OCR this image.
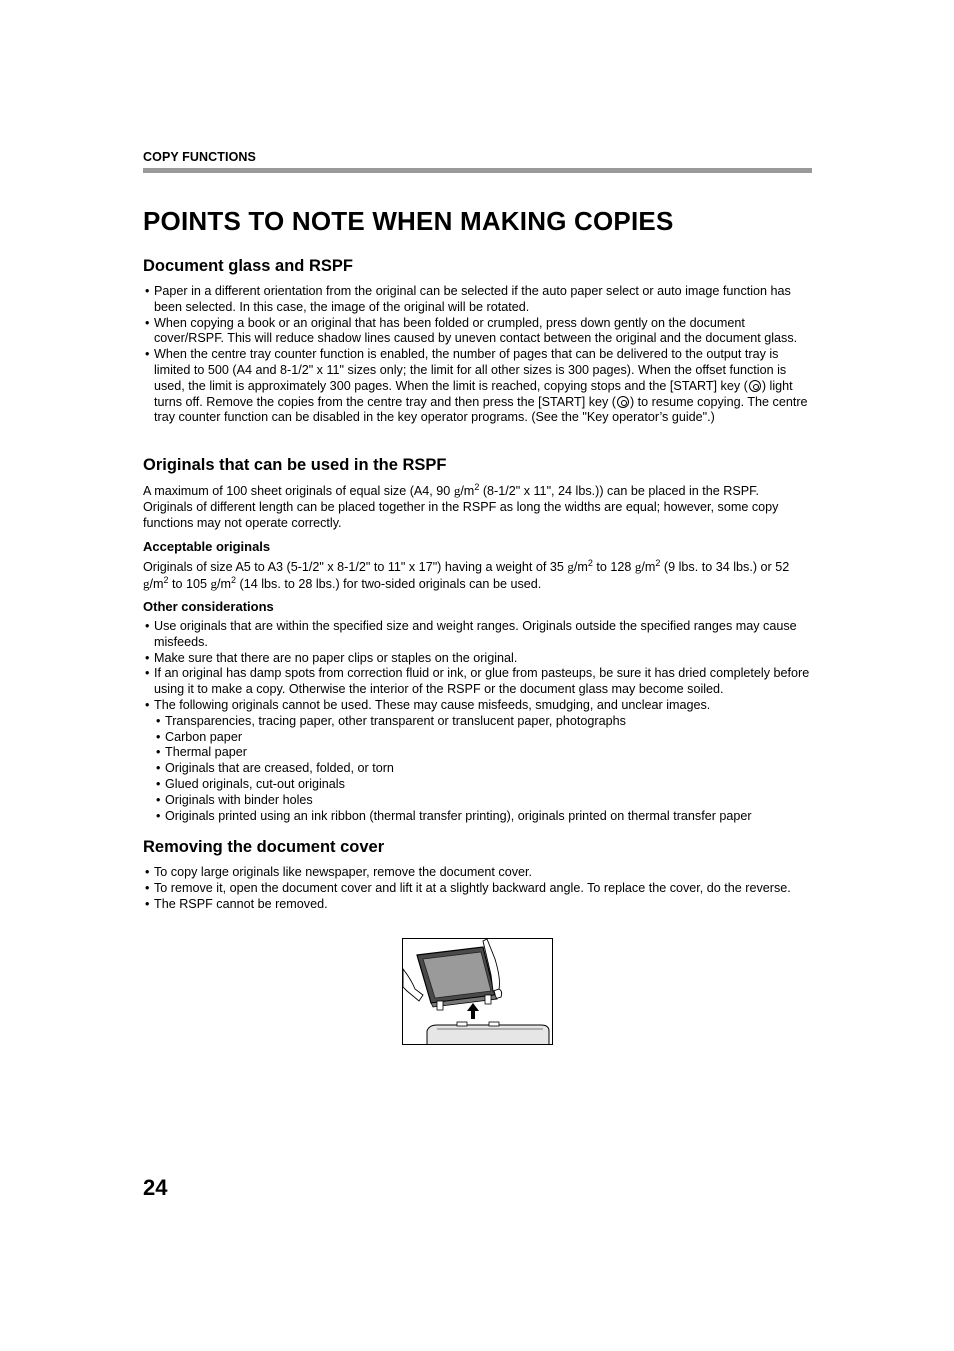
COPY FUNCTIONS
POINTS TO NOTE WHEN MAKING COPIES
Document glass and RSPF
• Paper in a different orientation from the original can be selected if the auto paper select or auto image function has been selected. In this case, the image of the original will be rotated.
• When copying a book or an original that has been folded or crumpled, press down gently on the document cover/RSPF. This will reduce shadow lines caused by uneven contact between the original and the document glass.
• When the centre tray counter function is enabled, the number of pages that can be delivered to the output tray is limited to 500 (A4 and 8-1/2" x 11" sizes only; the limit for all other sizes is 300 pages). When the offset function is used, the limit is approximately 300 pages. When the limit is reached, copying stops and the [START] key ( ) light turns off. Remove the copies from the centre tray and then press the [START] key ( ) to resume copying. The centre tray counter function can be disabled in the key operator programs. (See the "Key operator’s guide".)
Originals that can be used in the RSPF

A maximum of 100 sheet originals of equal size (A4, 90 $g/m^2$ (8-1/2" x 11", 24 lbs.)) can be placed in the RSPF. Originals of different length can be placed together in the RSPF as long the widths are equal; however, some copy functions may not operate correctly.

Acceptable originals

Originals of size A5 to A3 (5-1/2" x 8-1/2" to 11" x 17") having a weight of 35 $g/m^2$ to 128 $g/m^2$ (9 lbs. to 34 lbs.) or 52 $g/m^2$ to 105 $g/m^2$ (14 lbs. to 28 lbs.) for two-sided originals can be used.

Other considerations
• Use originals that are within the specified size and weight ranges. Originals outside the specified ranges may cause misfeeds.
• Make sure that there are no paper clips or staples on the original.
• If an original has damp spots from correction fluid or ink, or glue from pasteups, be sure it has dried completely before using it to make a copy. Otherwise the interior of the RSPF or the document glass may become soiled.
• The following originals cannot be used. These may cause misfeeds, smudging, and unclear images.
• Transparencies, tracing paper, other transparent or translucent paper, photographs
• Carbon paper
• Thermal paper
• Originals that are creased, folded, or torn
• Glued originals, cut-out originals
• Originals with binder holes
• Originals printed using an ink ribbon (thermal transfer printing), originals printed on thermal transfer paper
Removing the document cover
• To copy large originals like newspaper, remove the document cover.
• To remove it, open the document cover and lift it at a slightly backward angle. To replace the cover, do the reverse.
• The RSPF cannot be removed.
24
